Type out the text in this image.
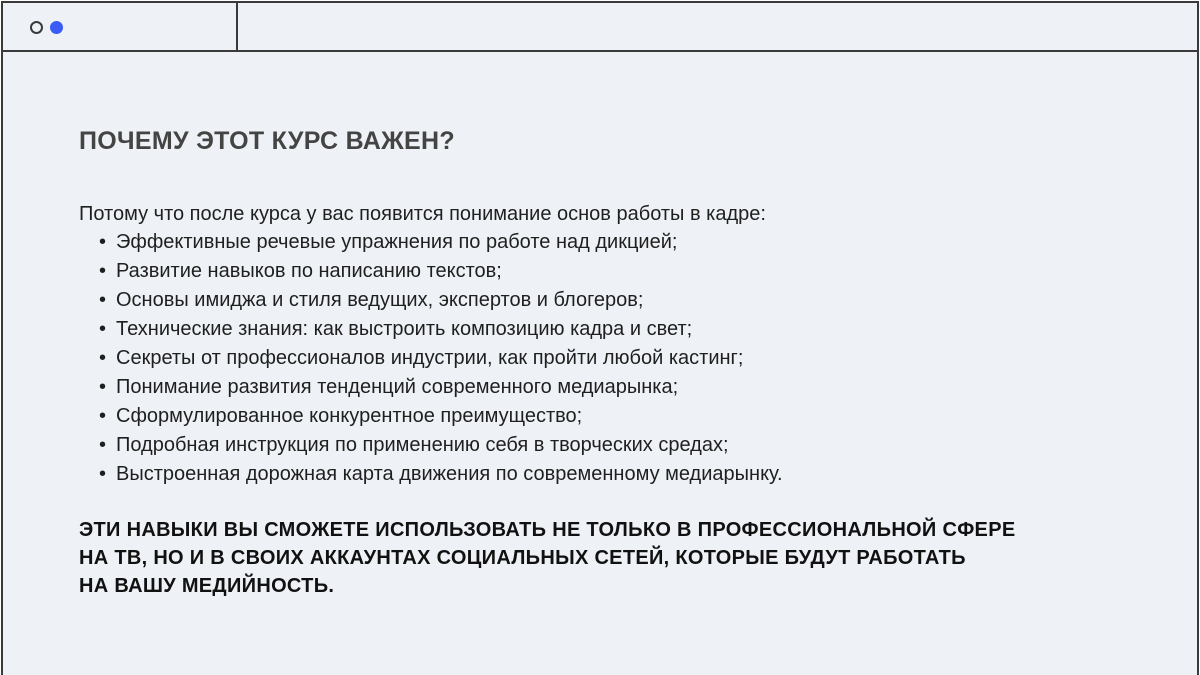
ПОЧЕМУ ЭТОТ КУРС ВАЖЕН?

Потому что после курса у вас появится понимание основ работы в кадре:

• Эффективные речевые упражнения по работе над дикцией;
• Развитие навыков по написанию текстов;
• Основы имиджа и стиля ведущих, экспертов и блогеров;
• Технические знания: как выстроить композицию кадра и свет;
• Секреты от профессионалов индустрии, как пройти любой кастинг;
• Понимание развития тенденций современного медиарынка;
• Сформулированное конкурентное преимущество;
• Подробная инструкция по применению себя в творческих средах;
• Выстроенная дорожная карта движения по современному медиарынку.

ЭТИ НАВЫКИ ВЫ СМОЖЕТЕ ИСПОЛЬЗОВАТЬ НЕ ТОЛЬКО В ПРОФЕССИОНАЛЬНОЙ СФЕРЕ
НА ТВ, НО И В СВОИХ АККАУНТАХ СОЦИАЛЬНЫХ СЕТЕЙ, КОТОРЫЕ БУДУТ РАБОТАТЬ
НА ВАШУ МЕДИЙНОСТЬ.
